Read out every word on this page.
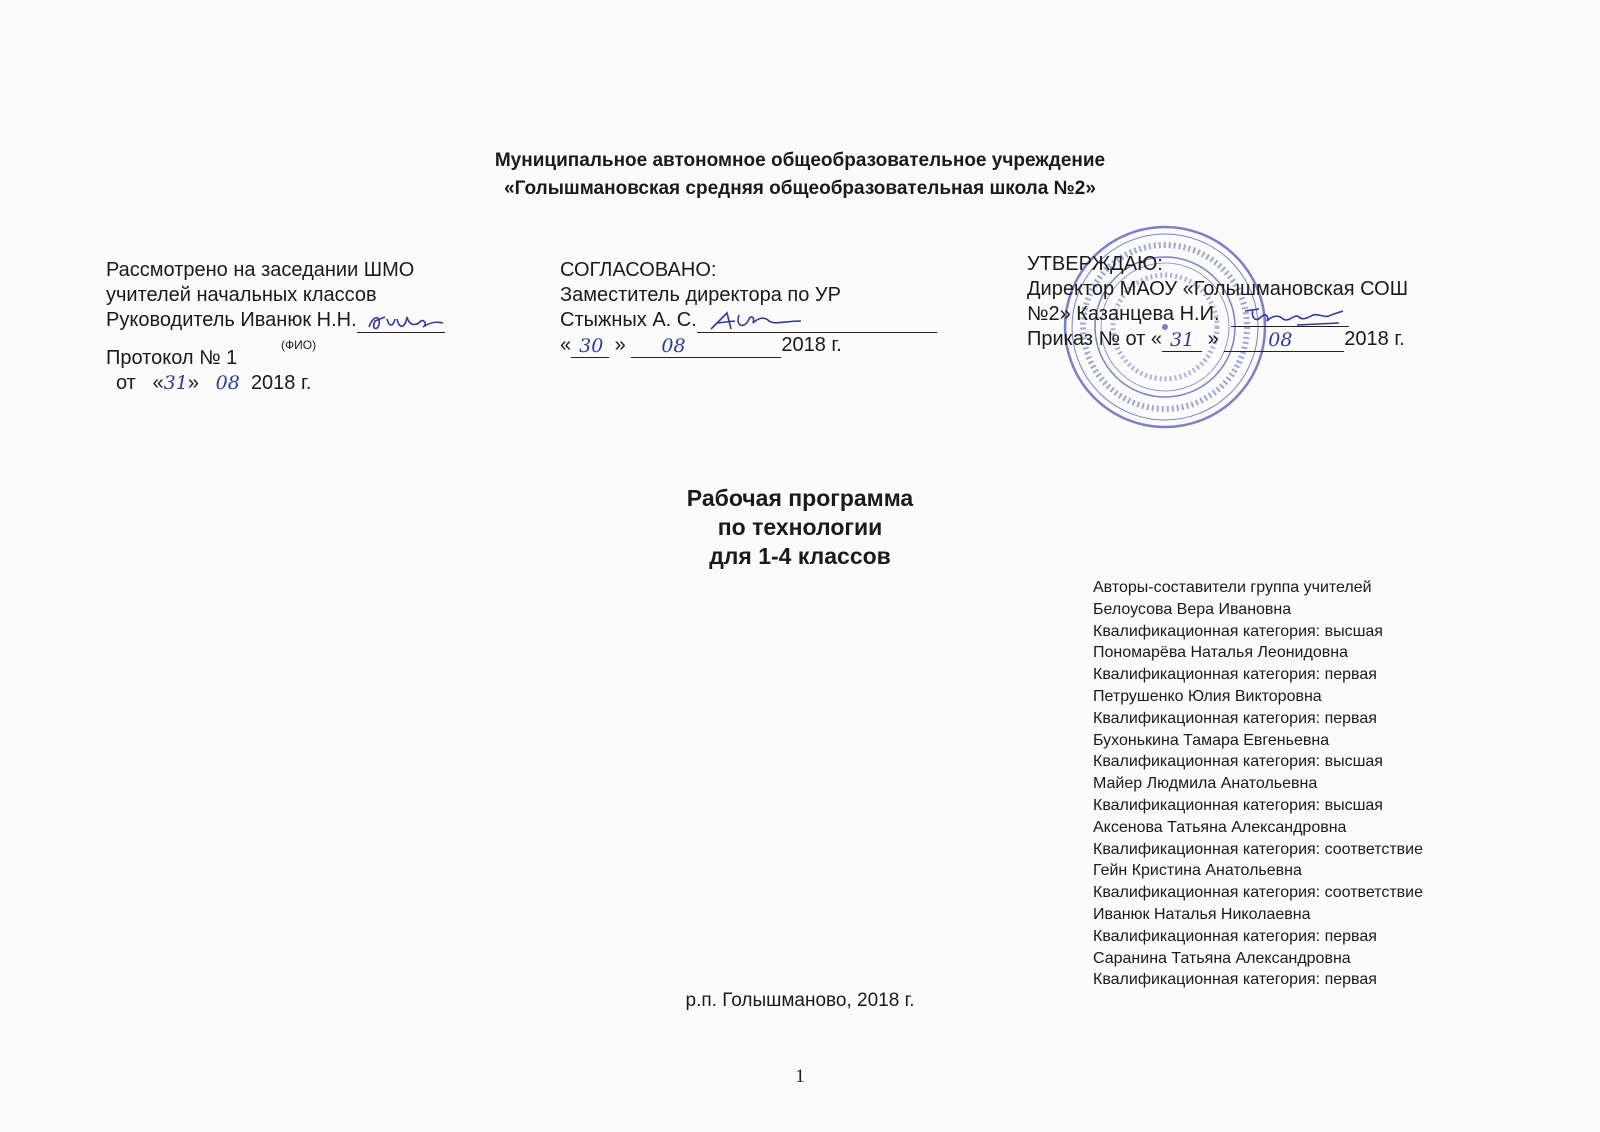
Муниципальное автономное общеобразовательное учреждение
«Голышмановская средняя общеобразовательная школа №2»
Рассмотрено на заседании ШМО
учителей начальных классов
Руководитель Иванюк Н.Н.
(ФИО)
Протокол № 1
от   «31»   08 2018 г.
СОГЛАСОВАНО:
Заместитель директора по УР
Стыжных А. С.
« 30 » 08	2018 г.
УТВЕРЖДАЮ:
Директор МАОУ «Голышмановская СОШ
№2» Казанцева Н.И.
Приказ № от « 31 » 08	2018 г.
Рабочая программа
по технологии
для 1-4 классов
Авторы-составители группа учителей
Белоусова Вера Ивановна
Квалификационная категория: высшая
Пономарёва Наталья Леонидовна
Квалификационная категория: первая
Петрушенко Юлия Викторовна
Квалификационная категория: первая
Бухонькина Тамара Евгеньевна
Квалификационная категория: высшая
Майер Людмила Анатольевна
Квалификационная категория: высшая
Аксенова Татьяна Александровна
Квалификационная категория: соответствие
Гейн Кристина Анатольевна
Квалификационная категория: соответствие
Иванюк Наталья Николаевна
Квалификационная категория: первая
Саранина Татьяна Александровна
Квалификационная категория: первая
р.п. Голышманово, 2018 г.
1
